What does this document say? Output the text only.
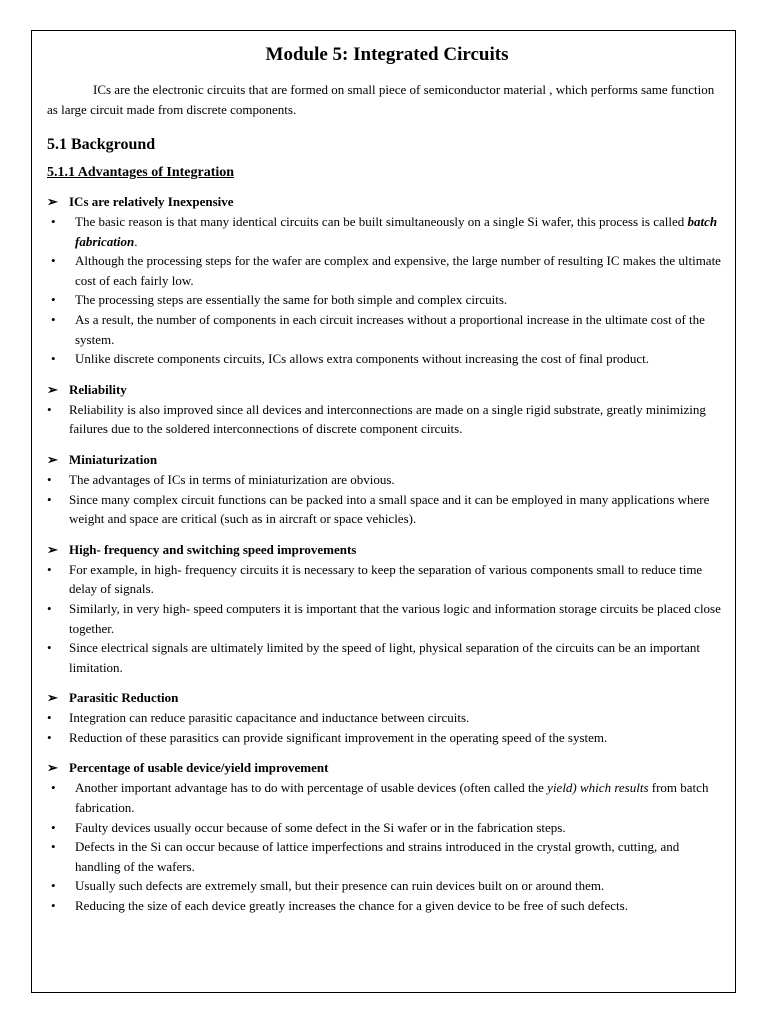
Module 5: Integrated Circuits

ICs are the electronic circuits that are formed on small piece of semiconductor material , which performs same function as large circuit made from discrete components.

5.1 Background
5.1.1 Advantages of Integration
➢ ICs are relatively Inexpensive
•	The basic reason is that many identical circuits can be built simultaneously on a single Si wafer, this process is called batch fabrication.
•	Although the processing steps for the wafer are complex and expensive, the large number of resulting IC makes the ultimate cost of each fairly low.
•	The processing steps are essentially the same for both simple and complex circuits.
•	As a result, the number of components in each circuit increases without a proportional increase in the ultimate cost of the system.
•	Unlike discrete components circuits, ICs allows extra components without increasing the cost of final product.
➢ Reliability
•	Reliability is also improved since all devices and interconnections are made on a single rigid substrate, greatly minimizing failures due to the soldered interconnections of discrete component circuits.
➢ Miniaturization
•	The advantages of ICs in terms of miniaturization are obvious.
•	Since many complex circuit functions can be packed into a small space and it can be employed in many applications where weight and space are critical (such as in aircraft or space vehicles).
➢ High- frequency and switching speed improvements
•	For example, in high- frequency circuits it is necessary to keep the separation of various components small to reduce time delay of signals.
•	Similarly, in very high- speed computers it is important that the various logic and information storage circuits be placed close together.
•	Since electrical signals are ultimately limited by the speed of light, physical separation of the circuits can be an important limitation.
➢ Parasitic Reduction
•	Integration can reduce parasitic capacitance and inductance between circuits.
•	Reduction of these parasitics can provide significant improvement in the operating speed of the system.
➢ Percentage of usable device/yield improvement
•	Another important advantage has to do with percentage of usable devices (often called the yield) which results from batch fabrication.
•	Faulty devices usually occur because of some defect in the Si wafer or in the fabrication steps.
•	Defects in the Si can occur because of lattice imperfections and strains introduced in the crystal growth, cutting, and handling of the wafers.
•	Usually such defects are extremely small, but their presence can ruin devices built on or around them.
•	Reducing the size of each device greatly increases the chance for a given device to be free of such defects.
